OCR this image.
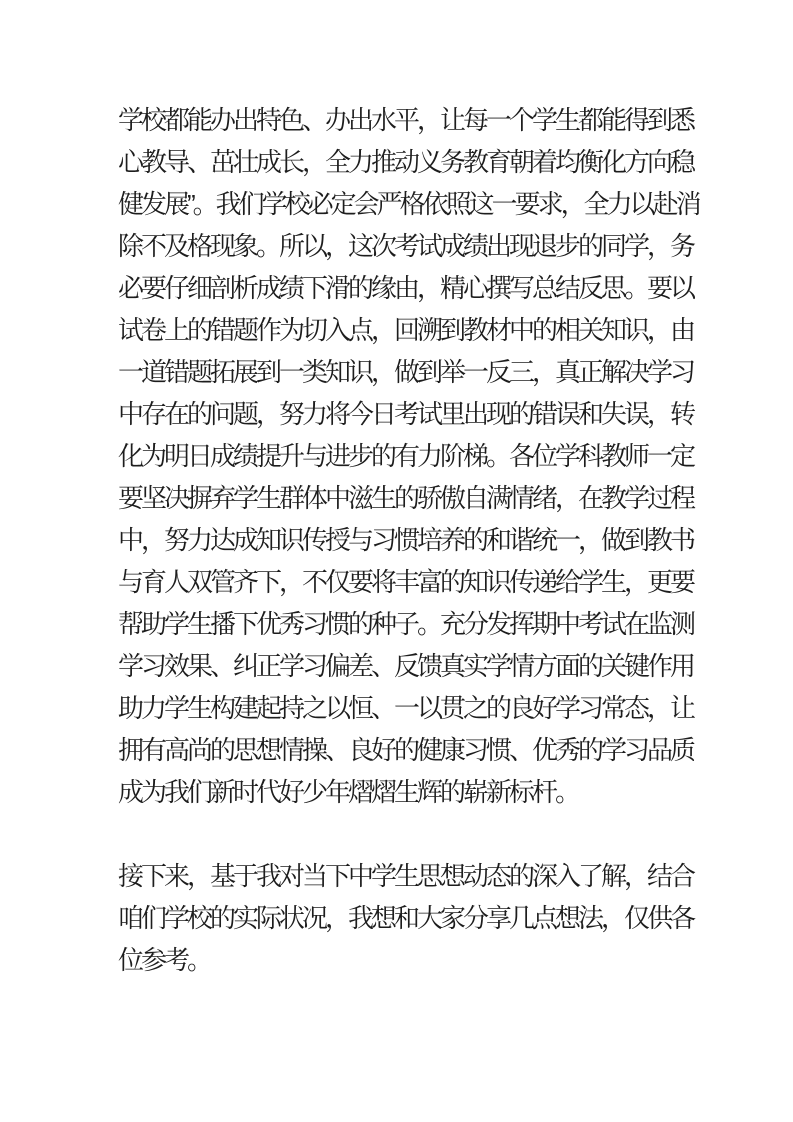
学校都能办出特色、办出水平，让每一个学生都能得到悉
心教导、茁壮成长，全力推动义务教育朝着均衡化方向稳
健发展”。我们学校必定会严格依照这一要求，全力以赴消
除不及格现象。所以，这次考试成绩出现退步的同学，务
必要仔细剖析成绩下滑的缘由，精心撰写总结反思。要以
试卷上的错题作为切入点，回溯到教材中的相关知识，由
一道错题拓展到一类知识，做到举一反三，真正解决学习
中存在的问题，努力将今日考试里出现的错误和失误，转
化为明日成绩提升与进步的有力阶梯。各位学科教师一定
要坚决摒弃学生群体中滋生的骄傲自满情绪，在教学过程
中，努力达成知识传授与习惯培养的和谐统一，做到教书
与育人双管齐下，不仅要将丰富的知识传递给学生，更要
帮助学生播下优秀习惯的种子。充分发挥期中考试在监测
学习效果、纠正学习偏差、反馈真实学情方面的关键作用
助力学生构建起持之以恒、一以贯之的良好学习常态，让
拥有高尚的思想情操、良好的健康习惯、优秀的学习品质
成为我们新时代好少年熠熠生辉的崭新标杆。
接下来，基于我对当下中学生思想动态的深入了解，结合
咱们学校的实际状况，我想和大家分享几点想法，仅供各
位参考。
